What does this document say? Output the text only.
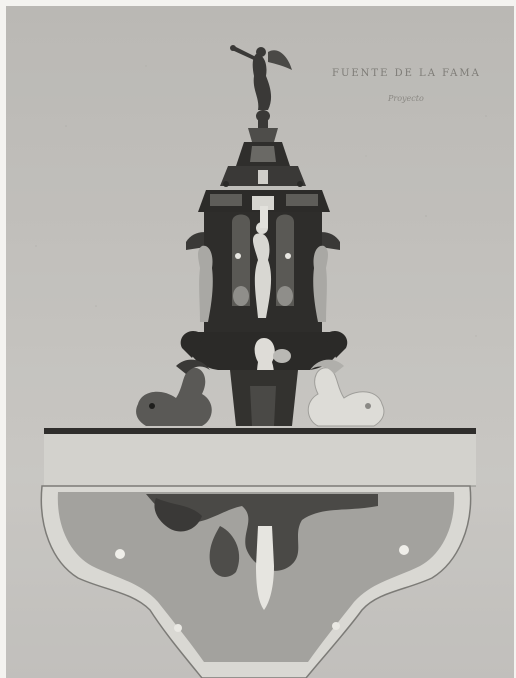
FUENTE DE LA FAMA
Proyecto
